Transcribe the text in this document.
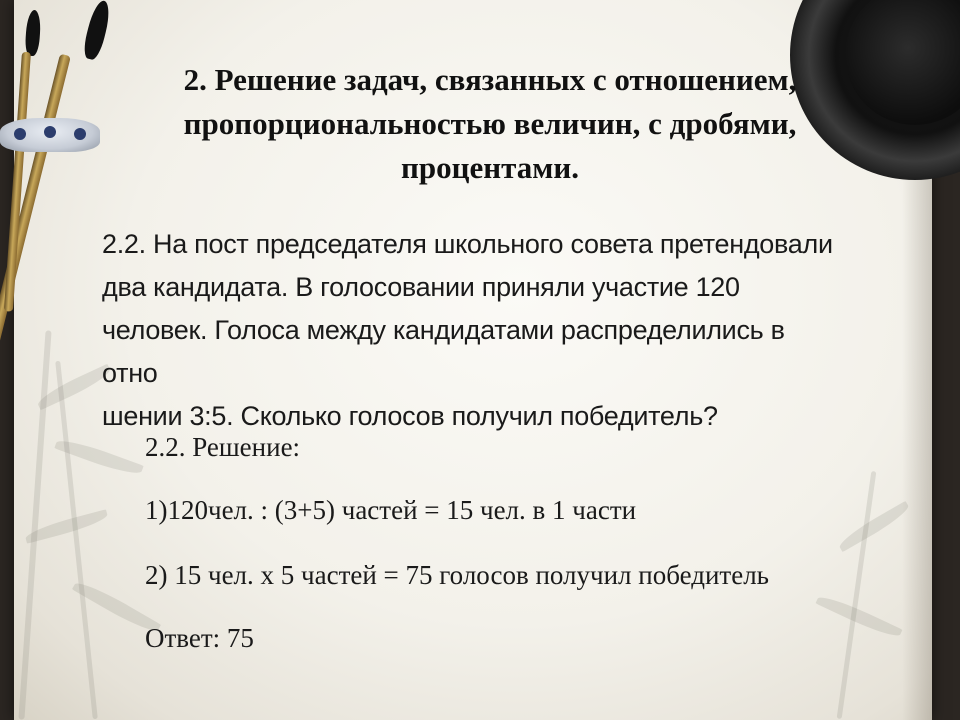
2. Решение задач, связанных с отношением, пропорциональностью величин, с дробями, процентами.
2.2. На пост председателя школьного совета претендовали
два кандидата. В голосовании приняли участие 120
человек. Голоса между кандидатами распределились в отно
шении 3:5. Сколько голосов получил победитель?

2.2. Решение:

1)120чел. : (3+5) частей = 15 чел. в 1 части

2) 15 чел. х 5 частей = 75 голосов получил победитель

Ответ: 75
